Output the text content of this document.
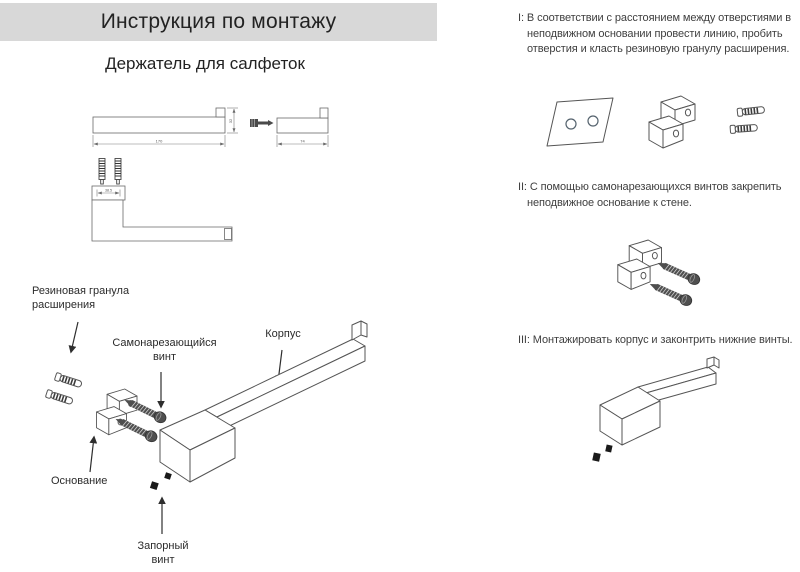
Инструкция по монтажу
Держатель для салфеток
170
32
74
38.5
Резиновая гранула
расширения
Самонарезающийся
винт
Корпус
Основание
Запорный
винт
I: В соответствии с расстоянием между отверстиями в неподвижном основании провести линию, пробить отверстия и класть резиновую гранулу расширения.
II: С помощью самонарезающихся винтов закрепить неподвижное основание к стене.
III: Монтажировать корпус и законтрить нижние винты.
